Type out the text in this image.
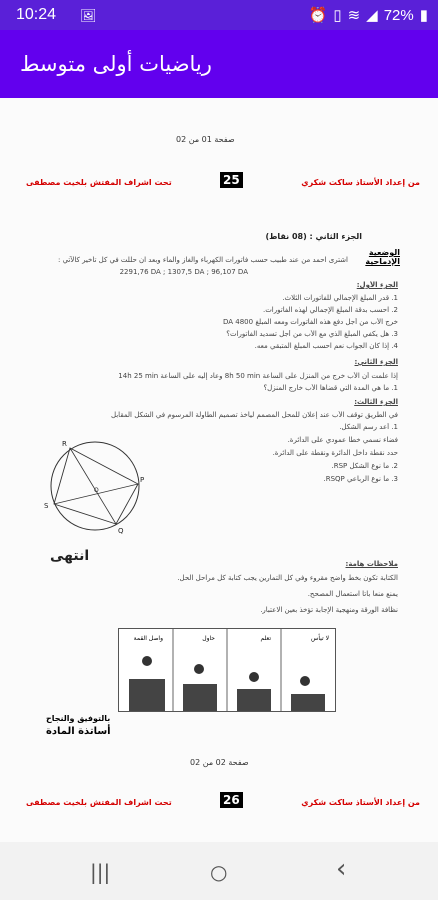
10:24 🖼	⏰ ▯ ≋ ◢ 72% ▮
رياضيات أولى متوسط
صفحة 01 من 02
من إعداد الأستاذ ساكت شكري
25
تحت اشراف المفتش بلخيت مصطفى
الجزء الثاني : (08 نقاط)
الوضعية الإدماجية
اشترى احمد من عند طبيب حسب فاتورات الكهرباء والغاز والماء وبعد ان حللت في كل تأخير كالآتي :
2291,76 DA ; 1307,5 DA ; 96,107 DA
الجزء الأول:
1. قدر المبلغ الإجمالي للفاتورات الثلاث.
2. احسب بدقة المبلغ الإجمالي لهذه الفاتورات.
خرج الأب من أجل دفع هذه الفاتورات ومعه المبلغ 4800 DA
3. هل يكفي المبلغ الذي مع الأب من أجل تسديد الفاتورات؟
4. إذا كان الجواب نعم احسب المبلغ المتبقي معه.
الجزء الثاني:
إذا علمت أن الأب خرج من المنزل على الساعة 8h 50 min وعاد إليه على الساعة 14h 25 min
1. ما هي المدة التي قضاها الأب خارج المنزل؟
الجزء الثالث:
في الطريق توقف الأب عند إعلان للمحل المصمم ليأخذ تصميم الطاولة المرسوم في الشكل المقابل
1. أعد رسم الشكل.
فضاء نسمي خطا عمودي على الدائرة.
حدد نقطة داخل الدائرة ونقطة على الدائرة.
2. ما نوع الشكل RSP.
3. ما نوع الرباعي RSQP.
R
P
S
Q
O
انتهى	ملاحظات هامة:
الكتابة تكون بخط واضح مقروء وفي كل التمارين يجب كتابة كل مراحل الحل.
يمنع منعا باتا استعمال المصحح.
نظافة الورقة ومنهجية الإجابة تؤخذ بعين الاعتبار.
لا تيأس
تعلم
حاول
واصل القمة
بالتوفيق والنجاح
أساتذة المادة
صفحة 02 من 02
من إعداد الأستاذ ساكت شكري
26
تحت اشراف المفتش بلخيت مصطفى
|||	○	‹
